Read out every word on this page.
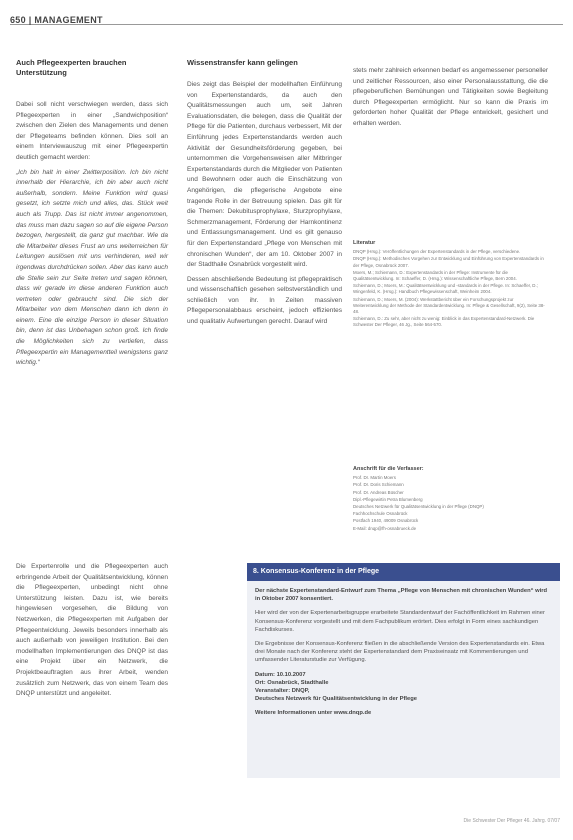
650 | MANAGEMENT
Auch Pflegeexperten brauchen Unterstützung

Dabei soll nicht verschwiegen werden, dass sich Pflegeexperten in einer „Sandwichposition“ zwischen den Zielen des Managements und denen der Pflegeteams befinden können. Dies soll an einem Interviewauszug mit einer Pflegeexpertin deutlich gemacht werden:

„Ich bin halt in einer Zwitterposition. Ich bin nicht innerhalb der Hierarchie, ich bin aber auch nicht außerhalb, sondern. Meine Funktion wird quasi gesetzt, ich setzte mich und alles, das. Stück weit auch als Trupp. Das ist nicht immer angenommen, das muss man dazu sagen so auf die eigene Person bezogen, hergestellt, da ganz gut machbar. Wie da die Mitarbeiter dieses Frust an uns weiterreichen für Leitungen auslösen mit uns verhinderen, weil wir irgendwas durchdrücken sollen. Aber das kann auch die Stelle sein zur Seite treten und sagen können, dass wir gerade im diese anderen Funktion auch vertreten oder gebraucht sind. Die sich der Mitarbeiter von dem Menschen dann ich denn in einem. Eine die einzige Person in dieser Situation bin, denn ist das Unbehagen schon groß. Ich finde die Möglichkeiten sich zu vertiefen, dass Pflegeexpertin ein Managementteil wenigstens ganz wichtig.“

Die Expertenrolle und die Pflegeexperten auch erbringende Arbeit der Qualitätsentwicklung, können die Pflegeexperten, unbedingt nicht ohne Unterstützung leisten. Dazu ist, wie bereits hingewiesen vorgesehen, die Bildung von Netzwerken, die Pflegeexperten mit Aufgaben der Pflegeentwicklung. Jeweils besonders innerhalb als auch außerhalb von jeweiligen Institution. Bei den modellhaften Implementierungen des DNQP ist das eine Projekt über ein Netzwerk, die Projektbeauftragten aus ihrer Arbeit, wenden zusätzlich zum Netzwerk, das von einem Team des DNQP unterstützt und angeleitet.

Wissenstransfer kann gelingen

Dies zeigt das Beispiel der modellhaften Einführung von Expertenstandards, da auch den Qualitätsmessungen auch um, seit Jahren Evaluationsdaten, die belegen, dass die Qualität der Pflege für die Patienten, durchaus verbessert, Mit der Einführung jedes Expertenstandards werden auch Aktivität der Gesundheitsförderung gegeben, bei unternommen die Vorgehensweisen aller Mitbringer Expertenstandards durch die Mitglieder von Patienten und Bewohnern oder auch die Einschätzung von Angehörigen, die pflegerische Angebote eine tragende Rolle in der Betreuung spielen. Das gilt für die Themen: Dekubitusprophylaxe, Sturzprophylaxe, Schmerzmanagement, Förderung der Harnkontinenz und Entlassungsmanagement. Und es gilt genauso für den Expertenstandard „Pflege von Menschen mit chronischen Wunden“, der am 10. Oktober 2007 in der Stadthalle Osnabrück vorgestellt wird.

Dessen abschließende Bedeutung ist pflegepraktisch und wissenschaftlich gesehen selbstverständlich und schließlich von ihr. In Zeiten massiven Pflegepersonalabbaus erscheint, jedoch effizientes und qualitativ Aufwertungen gerecht. Darauf wird

stets mehr zahlreich erkennen bedarf es angemessener personeller und zeitlicher Ressourcen, also einer Personalausstattung, die die pflegeberuflichen Bemühungen und Tätigkeiten sowie Begleitung durch Pflegeexperten ermöglicht. Nur so kann die Praxis im geforderten hoher Qualität der Pflege entwickelt, gesichert und erhalten werden.

Literatur

DNQP (Hrsg.): Veröffentlichungen der Expertenstandards in der Pflege, verschiedene.

DNQP (Hrsg.): Methodisches Vorgehen zur Entwicklung und Einführung von Expertenstandards in der Pflege, Osnabrück 2007.

Moers, M.; Schiemann, D.: Expertenstandards in der Pflege: Instrumente für die Qualitätsentwicklung. In: Schaeffer, D. (Hrsg.): Wissenschaftliche Pflege, Bern 2004.

Schiemann, D.; Moers, M.: Qualitätsentwicklung und -standards in der Pflege. In: Schaeffer, D.; Wingenfeld, K. (Hrsg.): Handbuch Pflegewissenschaft, Weinheim 2004.

Schiemann, D.; Moers, M. (2004): Werkstattbericht über ein Forschungsprojekt zur Weiterentwicklung der Methode der Standardentwicklung. In: Pflege & Gesellschaft, 9(2), Seite 38-48.

Schiemann, D.: Zu sehr, aber nicht zu wenig: Einblick in das Expertenstandard-Netzwerk. Die Schwester Der Pfleger, 46 Jg., Seite 564-570.

Anschrift für die Verfasser:

Prof. Dr. Martin Moers

Prof. Dr. Doris Schiemann

Prof. Dr. Andreas Büscher

Dipl.-Pflegewirtin Petra Blumenberg

Deutsches Netzwerk für Qualitätsentwicklung in der Pflege (DNQP)

Fachhochschule Osnabrück

Postfach 1940, 49009 Osnabrück

E-Mail: dnqp@fh-osnabrueck.de

8. Konsensus-Konferenz in der Pflege

Der nächste Expertenstandard-Entwurf zum Thema „Pflege von Menschen mit chronischen Wunden“ wird in Oktober 2007 konsentiert.

Hier wird der von der Expertenarbeitsgruppe erarbeitete Standardentwurf der Fachöffentlichkeit im Rahmen einer Konsensus-Konferenz vorgestellt und mit dem Fachpublikum erörtert. Dies erfolgt in Form eines sachkundigen Fachdiskurses.

Die Ergebnisse der Konsensus-Konferenz fließen in die abschließende Version des Expertenstandards ein. Etwa drei Monate nach der Konferenz steht der Expertenstandard dem Praxiseinsatz mit Kommentierungen und umfassender Literaturstudie zur Verfügung.

Datum: 10.10.2007
Ort: Osnabrück, Stadthalle
Veranstalter: DNQP,
Deutsches Netzwerk für Qualitätsentwicklung in der Pflege
Weitere Informationen unter www.dnqp.de
Die Schwester Der Pfleger 46. Jahrg. 07/07
